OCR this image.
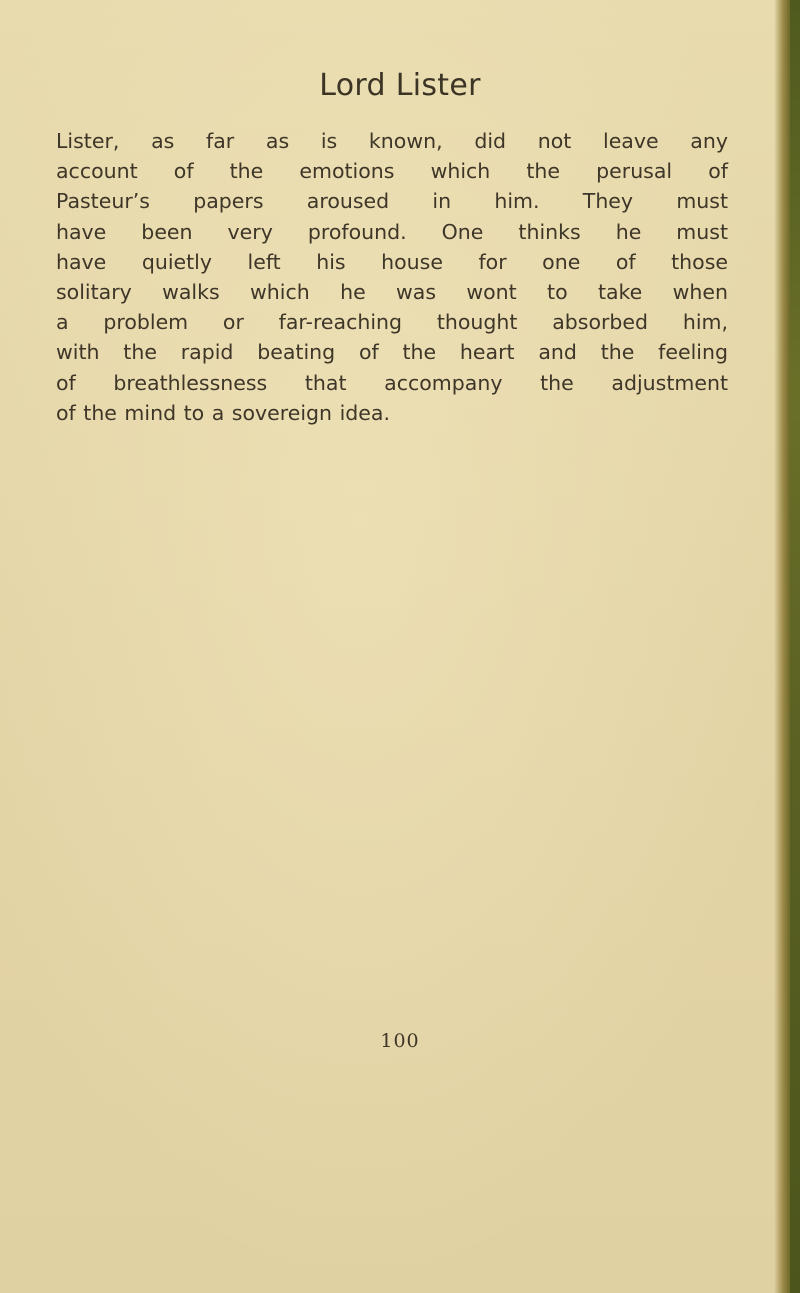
Lord Lister

Lister, as far as is known, did not leave any
account of the emotions which the perusal of
Pasteur’s papers aroused in him. They must
have been very profound. One thinks he must
have quietly left his house for one of those
solitary walks which he was wont to take when
a problem or far-reaching thought absorbed him,
with the rapid beating of the heart and the feeling
of breathlessness that accompany the adjustment
of the mind to a sovereign idea.

100
